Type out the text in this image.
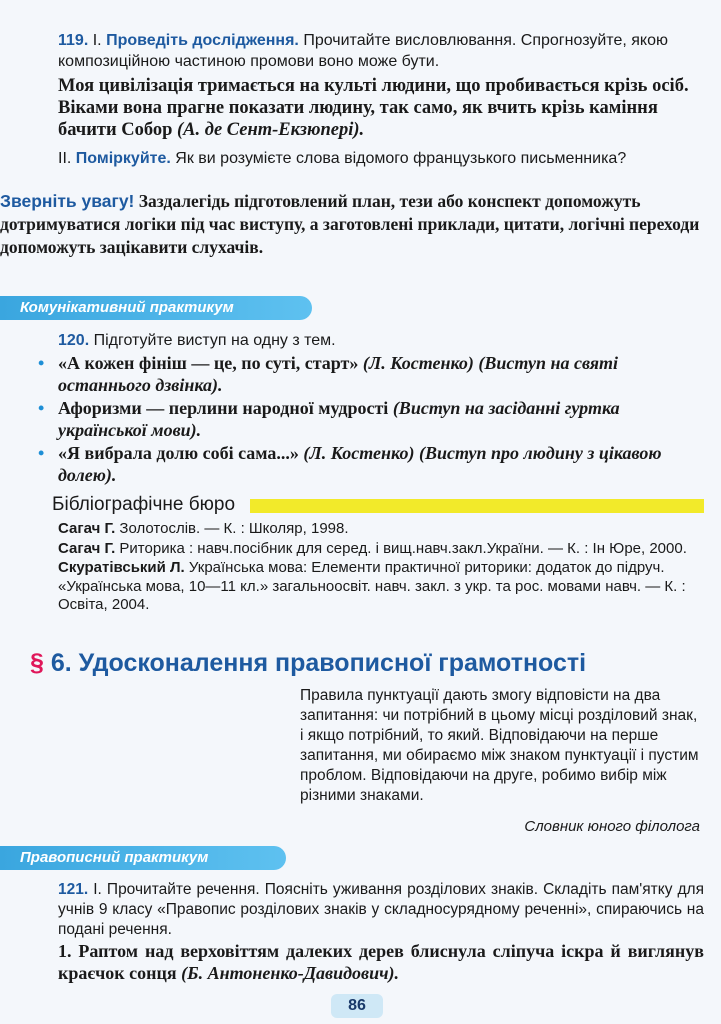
119. І. Проведіть дослідження. Прочитайте висловлювання. Спрогнозуйте, якою композиційною частиною промови воно може бути.
Моя цивілізація тримається на культі людини, що пробивається крізь осіб. Віками вона прагне показати людину, так само, як вчить крізь каміння бачити Собор (А. де Сент-Екзюпері).
ІІ. Поміркуйте. Як ви розумієте слова відомого французького письменника?
Зверніть увагу! Заздалегідь підготовлений план, тези або конспект допоможуть дотримуватися логіки під час виступу, а заготовлені приклади, цитати, логічні переходи допоможуть зацікавити слухачів.
Комунікативний практикум
120. Підготуйте виступ на одну з тем.
• «А кожен фініш — це, по суті, старт» (Л. Костенко) (Виступ на святі останнього дзвінка).
• Афоризми — перлини народної мудрості (Виступ на засіданні гуртка української мови).
• «Я вибрала долю собі сама...» (Л. Костенко) (Виступ про людину з цікавою долею).
Бібліографічне бюро

Сагач Г. Золотослів. — К. : Школяр, 1998.

Сагач Г. Риторика : навч.посібник для серед. і вищ.навч.закл.України. — К. : Ін Юре, 2000.

Скуратівський Л. Українська мова: Елементи практичної риторики: додаток до підруч. «Українська мова, 10—11 кл.» загальноосвіт. навч. закл. з укр. та рос. мовами навч. — К. : Освіта, 2004.

§ 6. Удосконалення правописної грамотності
Правила пунктуації дають змогу відповісти на два запитання: чи потрібний в цьому місці розділовий знак, і якщо потрібний, то який. Відповідаючи на перше запитання, ми обираємо між знаком пунктуації і пустим проблом. Відповідаючи на друге, робимо вибір між різними знаками.
Словник юного філолога
Правописний практикум
121. І. Прочитайте речення. Поясніть уживання розділових знаків. Складіть пам'ятку для учнів 9 класу «Правопис розділових знаків у складносурядному реченні», спираючись на подані речення.
1. Раптом над верховіттям далеких дерев блиснула сліпуча іскра й виглянув краєчок сонця (Б. Антоненко-Давидович).
86
